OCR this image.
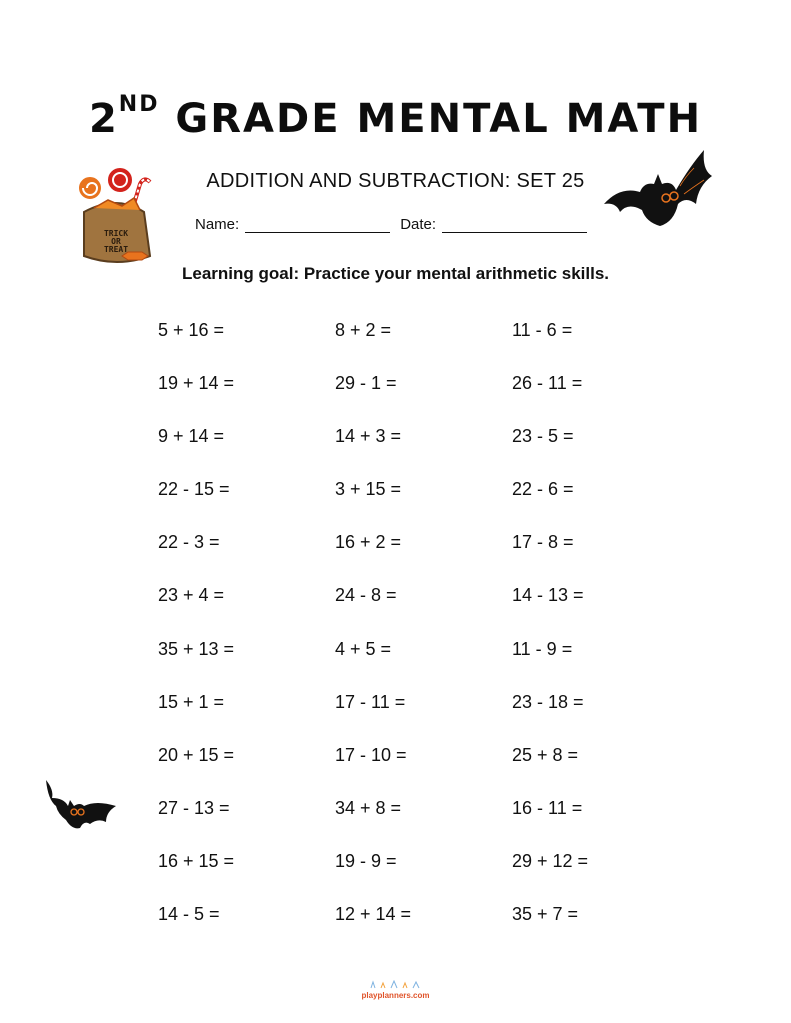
2ND GRADE MENTAL MATH
ADDITION AND SUBTRACTION: SET 25
Name:	Date:
Learning goal: Practice your mental arithmetic skills.
5 + 16 =	8 + 2 =	11 - 6 =
19 + 14 =	29 - 1 =	26 - 11 =
9 + 14 =	14 + 3 =	23 - 5 =
22 - 15 =	3 + 15 =	22 - 6 =
22 - 3 =	16 + 2 =	17 - 8 =
23 + 4 =	24 - 8 =	14 - 13 =
35 + 13 =	4 + 5 =	11 - 9 =
15 + 1 =	17 - 11 =	23 - 18 =
20 + 15 =	17 - 10 =	25 + 8 =
27 - 13 =	34 + 8 =	16 - 11 =
16 + 15 =	19 - 9 =	29 + 12 =
14 - 5 =	12 + 14 =	35 + 7 =
TRICK
OR
TREAT
playplanners.com
